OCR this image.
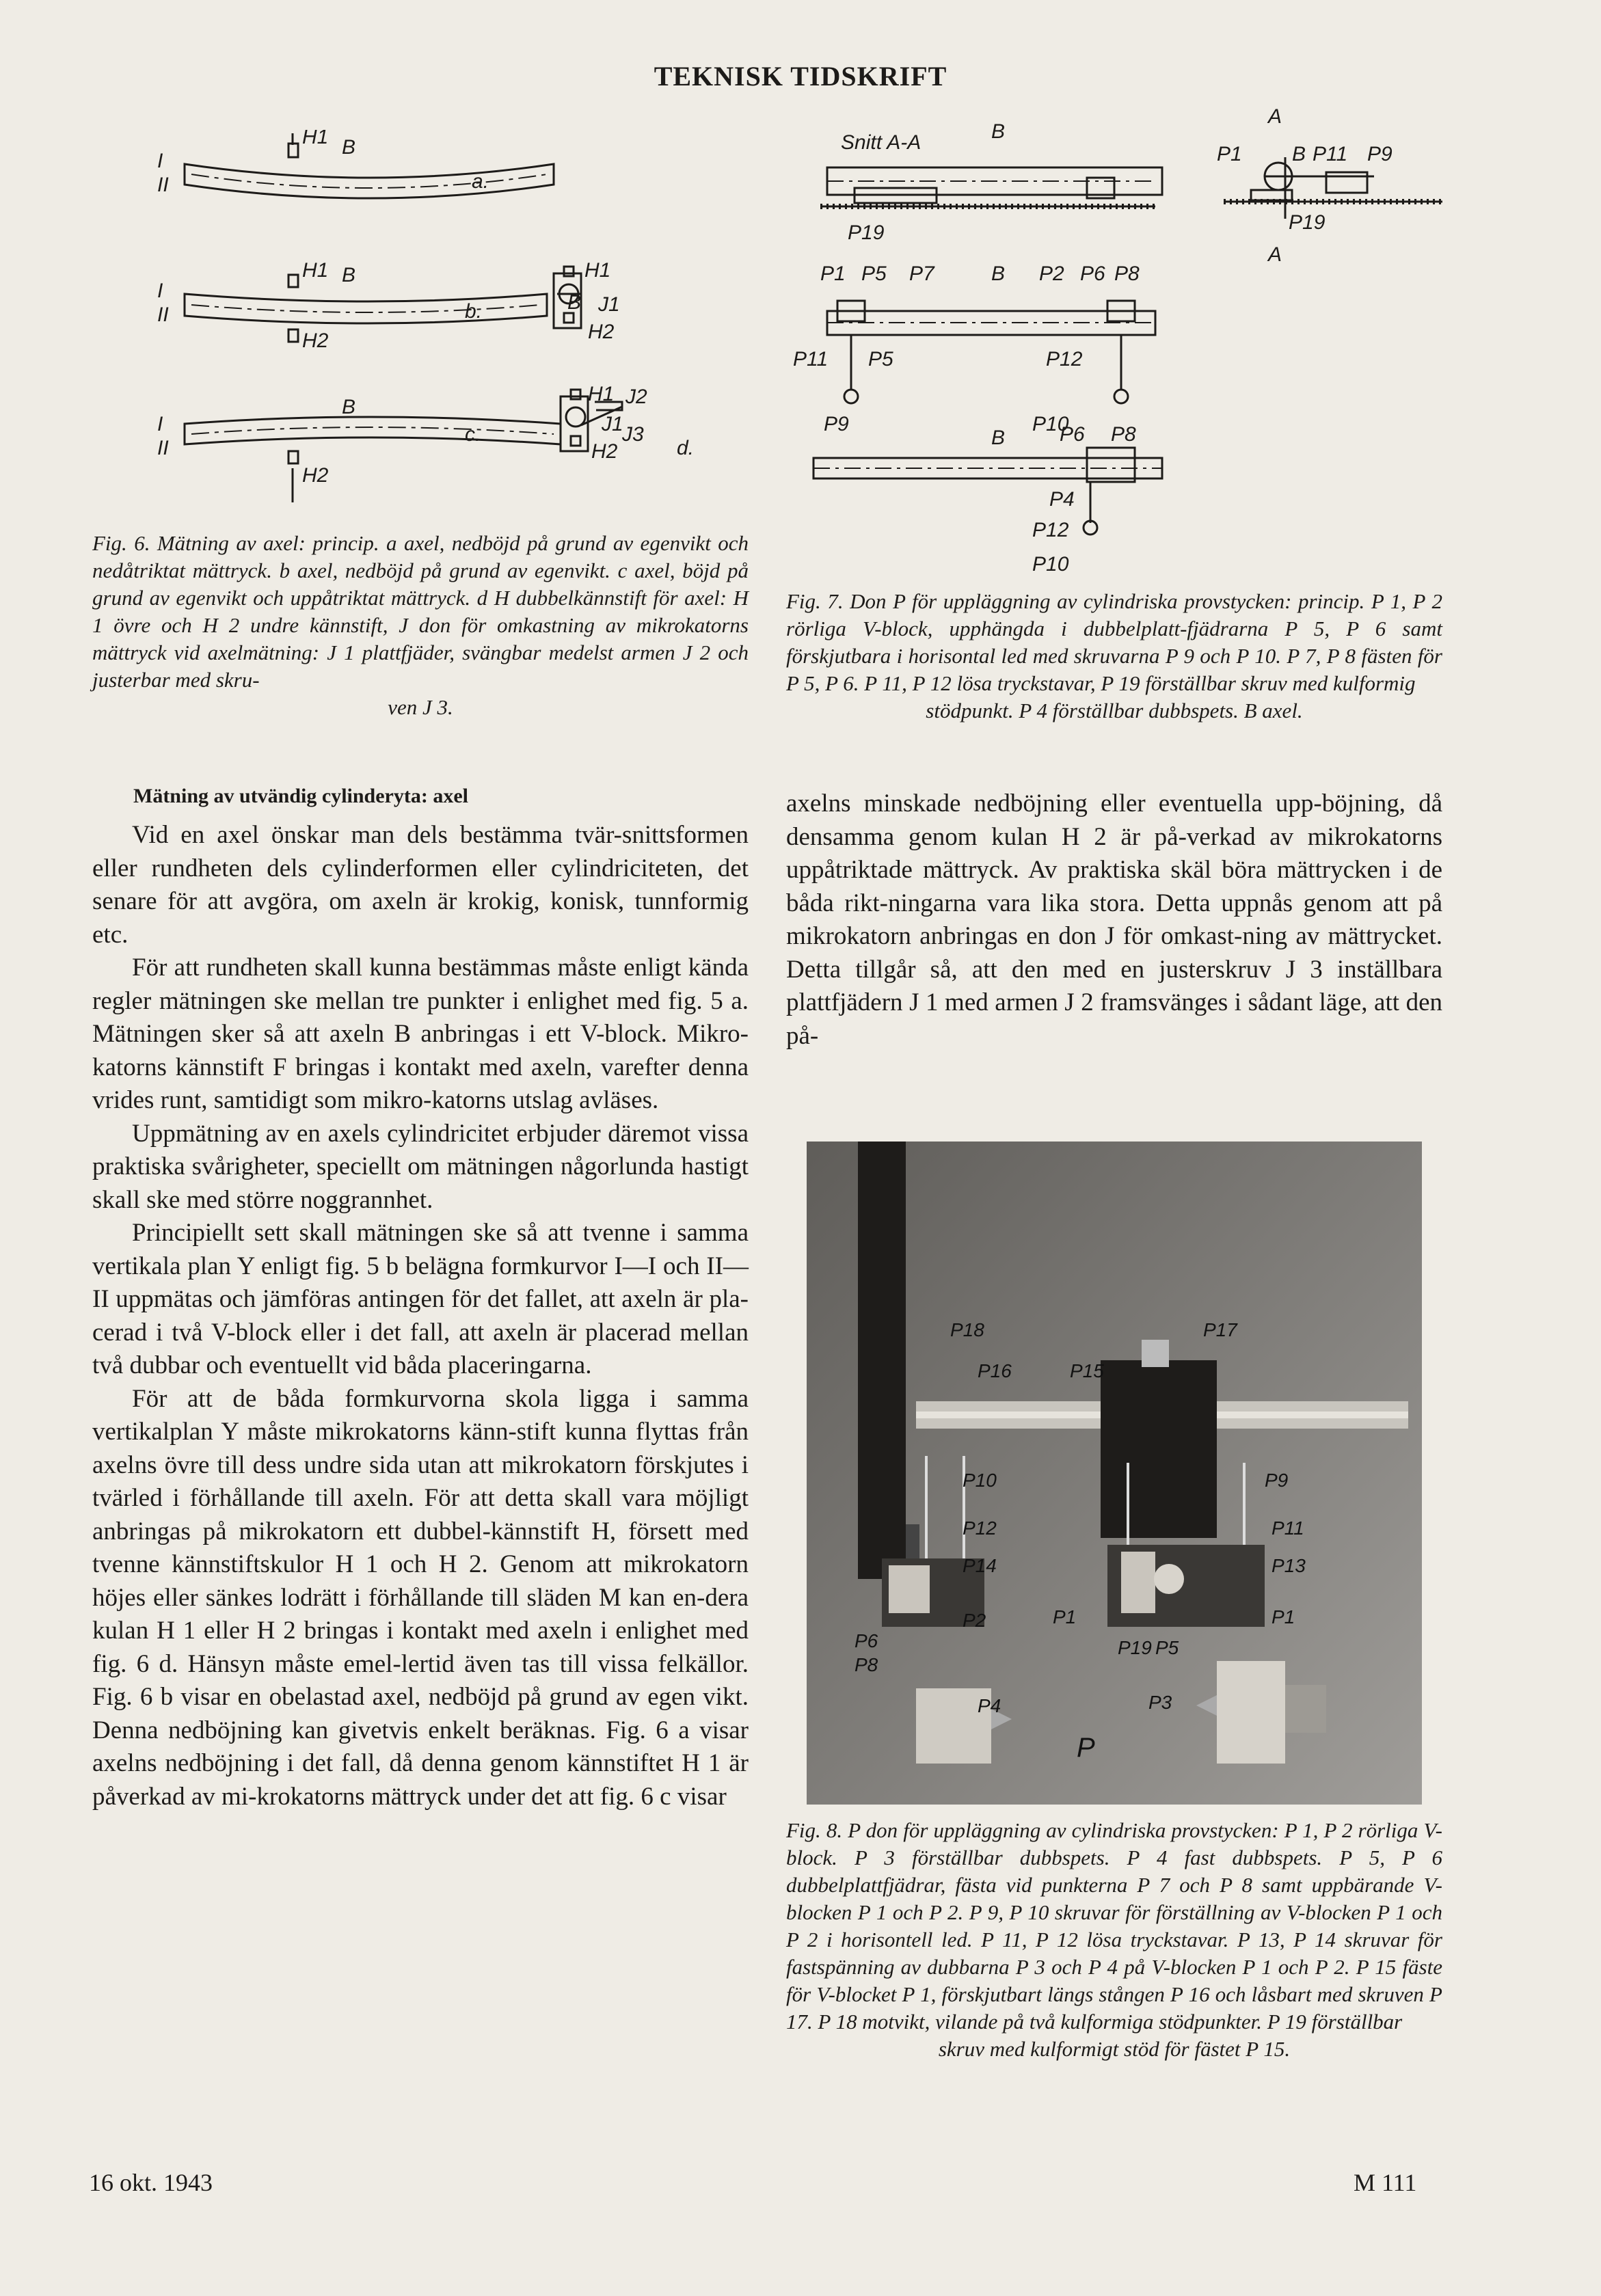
TEKNISK TIDSKRIFT
I
II
H1 B
a.
I
II
H1 B
H2
b.
H1
B J1
H2
I
II
B
H2
c.
H1 J2
J1
J3
H2	d.
Fig. 6. Mätning av axel: princip. a axel, nedböjd på grund av egenvikt och nedåtriktat mättryck. b axel, nedböjd på grund av egenvikt. c axel, böjd på grund av egenvikt och uppåtriktat mättryck. d H dubbelkännstift för axel: H 1 övre och H 2 undre kännstift, J don för omkastning av mikrokatorns mättryck vid axelmätning: J 1 plattfjäder, svängbar medelst armen J 2 och justerbar med skru-
ven J 3.
Snitt A-A	B
P19
A
P1 B P11 P9
P19
A
P1 P5 P7	B P2 P6 P8
P11 P5	P12
P9
B
P10
P6 P8
P4
P12
P10
Fig. 7. Don P för uppläggning av cylindriska provstycken: princip. P 1, P 2 rörliga V-block, upphängda i dubbelplatt-fjädrarna P 5, P 6 samt förskjutbara i horisontal led med skruvarna P 9 och P 10. P 7, P 8 fästen för P 5, P 6. P 11, P 12 lösa tryckstavar, P 19 förställbar skruv med kulformig
stödpunkt. P 4 förställbar dubbspets. B axel.
Mätning av utvändig cylinderyta: axel

Vid en axel önskar man dels bestämma tvär-snittsformen eller rundheten dels cylinderformen eller cylindriciteten, det senare för att avgöra, om axeln är krokig, konisk, tunnformig etc.

För att rundheten skall kunna bestämmas måste enligt kända regler mätningen ske mellan tre punkter i enlighet med fig. 5 a. Mätningen sker så att axeln B anbringas i ett V-block. Mikro-katorns kännstift F bringas i kontakt med axeln, varefter denna vrides runt, samtidigt som mikro-katorns utslag avläses.

Uppmätning av en axels cylindricitet erbjuder däremot vissa praktiska svårigheter, speciellt om mätningen någorlunda hastigt skall ske med större noggrannhet.

Principiellt sett skall mätningen ske så att tvenne i samma vertikala plan Y enligt fig. 5 b belägna formkurvor I—I och II—II uppmätas och jämföras antingen för det fallet, att axeln är pla-cerad i två V-block eller i det fall, att axeln är placerad mellan två dubbar och eventuellt vid båda placeringarna.

För att de båda formkurvorna skola ligga i samma vertikalplan Y måste mikrokatorns känn-stift kunna flyttas från axelns övre till dess undre sida utan att mikrokatorn förskjutes i tvärled i förhållande till axeln. För att detta skall vara möjligt anbringas på mikrokatorn ett dubbel-kännstift H, försett med tvenne kännstiftskulor H 1 och H 2. Genom att mikrokatorn höjes eller sänkes lodrätt i förhållande till släden M kan en-dera kulan H 1 eller H 2 bringas i kontakt med axeln i enlighet med fig. 6 d. Hänsyn måste emel-lertid även tas till vissa felkällor. Fig. 6 b visar en obelastad axel, nedböjd på grund av egen vikt. Denna nedböjning kan givetvis enkelt beräknas. Fig. 6 a visar axelns nedböjning i det fall, då denna genom kännstiftet H 1 är påverkad av mi-krokatorns mättryck under det att fig. 6 c visar

axelns minskade nedböjning eller eventuella upp-böjning, då densamma genom kulan H 2 är på-verkad av mikrokatorns uppåtriktade mättryck. Av praktiska skäl böra mättrycken i de båda rikt-ningarna vara lika stora. Detta uppnås genom att på mikrokatorn anbringas en don J för omkast-ning av mättrycket. Detta tillgår så, att den med en justerskruv J 3 inställbara plattfjädern J 1 med armen J 2 framsvänges i sådant läge, att den på-

P18
P16	P15
P17
P10	P9
P12	P11
P14	P13
P2	P1	P1
P6
P8
P19 P5
P4	P3
P
Fig. 8. P don för uppläggning av cylindriska provstycken: P 1, P 2 rörliga V-block. P 3 förställbar dubbspets. P 4 fast dubbspets. P 5, P 6 dubbelplattfjädrar, fästa vid punkterna P 7 och P 8 samt uppbärande V-blocken P 1 och P 2. P 9, P 10 skruvar för förställning av V-blocken P 1 och P 2 i horisontell led. P 11, P 12 lösa tryckstavar. P 13, P 14 skruvar för fastspänning av dubbarna P 3 och P 4 på V-blocken P 1 och P 2. P 15 fäste för V-blocket P 1, förskjutbart längs stången P 16 och låsbart med skruven P 17. P 18 motvikt, vilande på två kulformiga stödpunkter. P 19 förställbar
skruv med kulformigt stöd för fästet P 15.
16 okt. 1943	M 111
